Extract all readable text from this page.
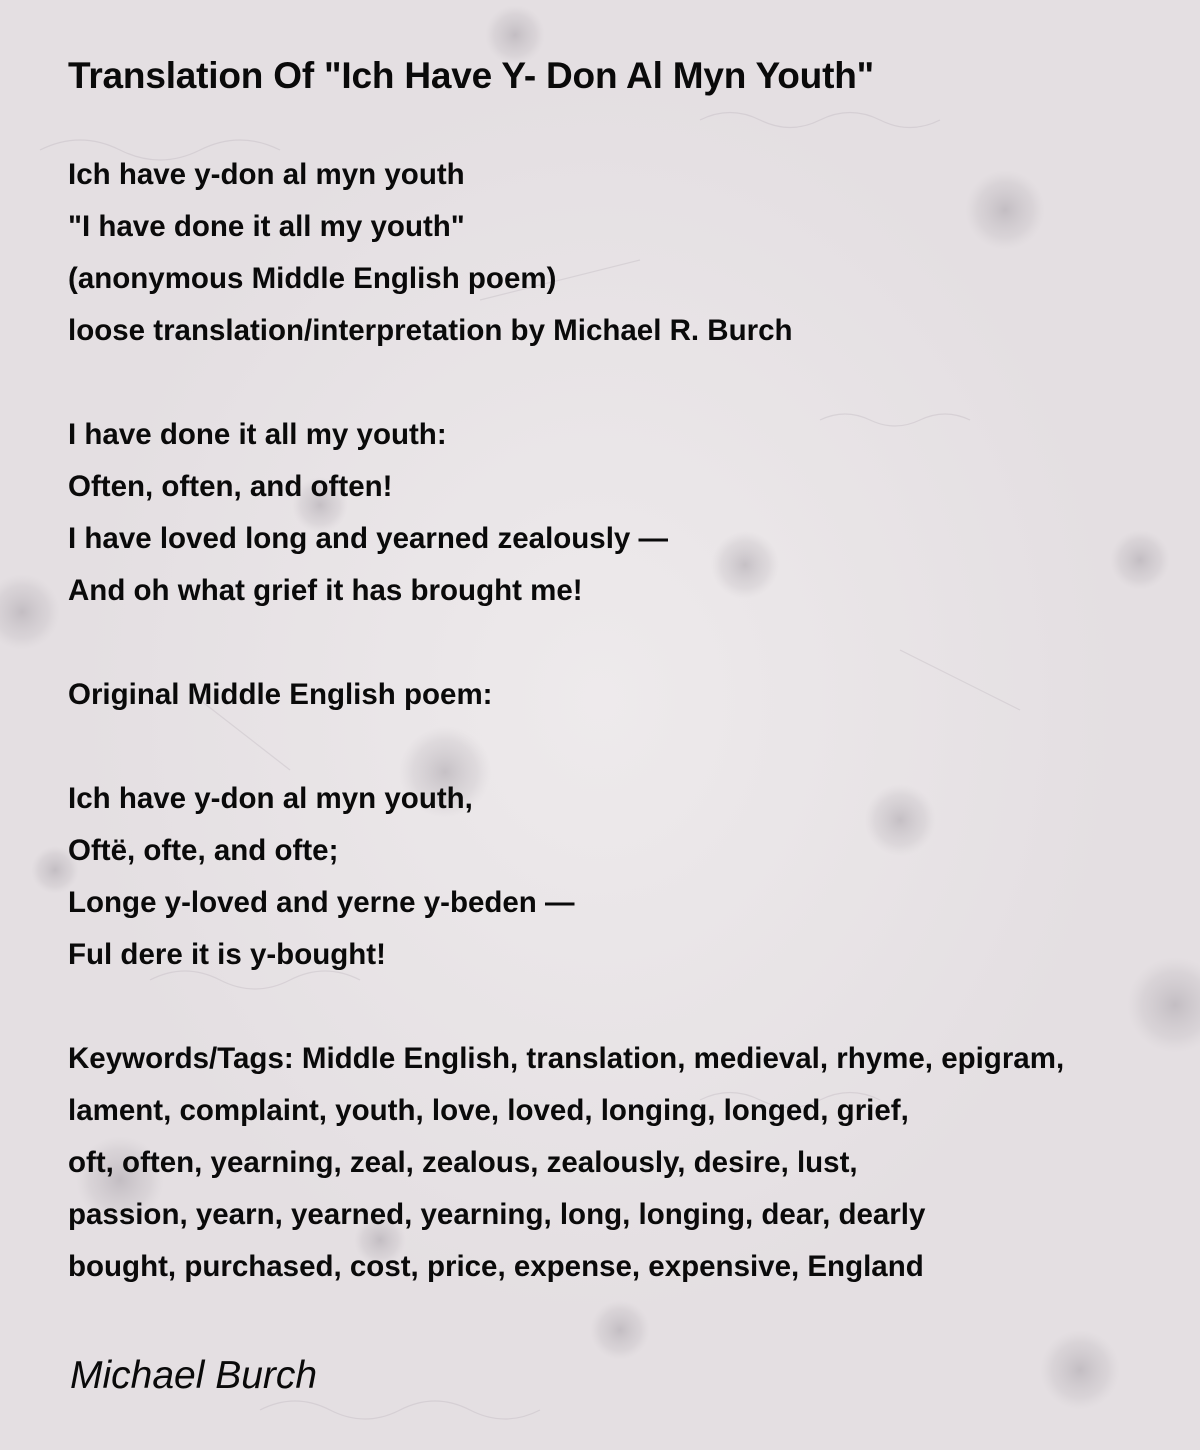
Translation Of "Ich Have Y- Don Al Myn Youth"

Ich have y-don al myn youth

"I have done it all my youth"

(anonymous Middle English poem)

loose translation/interpretation by Michael R. Burch

I have done it all my youth:

Often, often, and often!

I have loved long and yearned zealously —

And oh what grief it has brought me!

Original Middle English poem:

Ich have y-don al myn youth,

Oftë, ofte, and ofte;

Longe y-loved and yerne y-beden —

Ful dere it is y-bought!

Keywords/Tags: Middle English, translation, medieval, rhyme, epigram,

lament, complaint, youth, love, loved, longing, longed, grief,

oft, often, yearning, zeal, zealous, zealously, desire, lust,

passion, yearn, yearned, yearning, long, longing, dear, dearly

bought, purchased, cost, price, expense, expensive, England

Michael Burch
